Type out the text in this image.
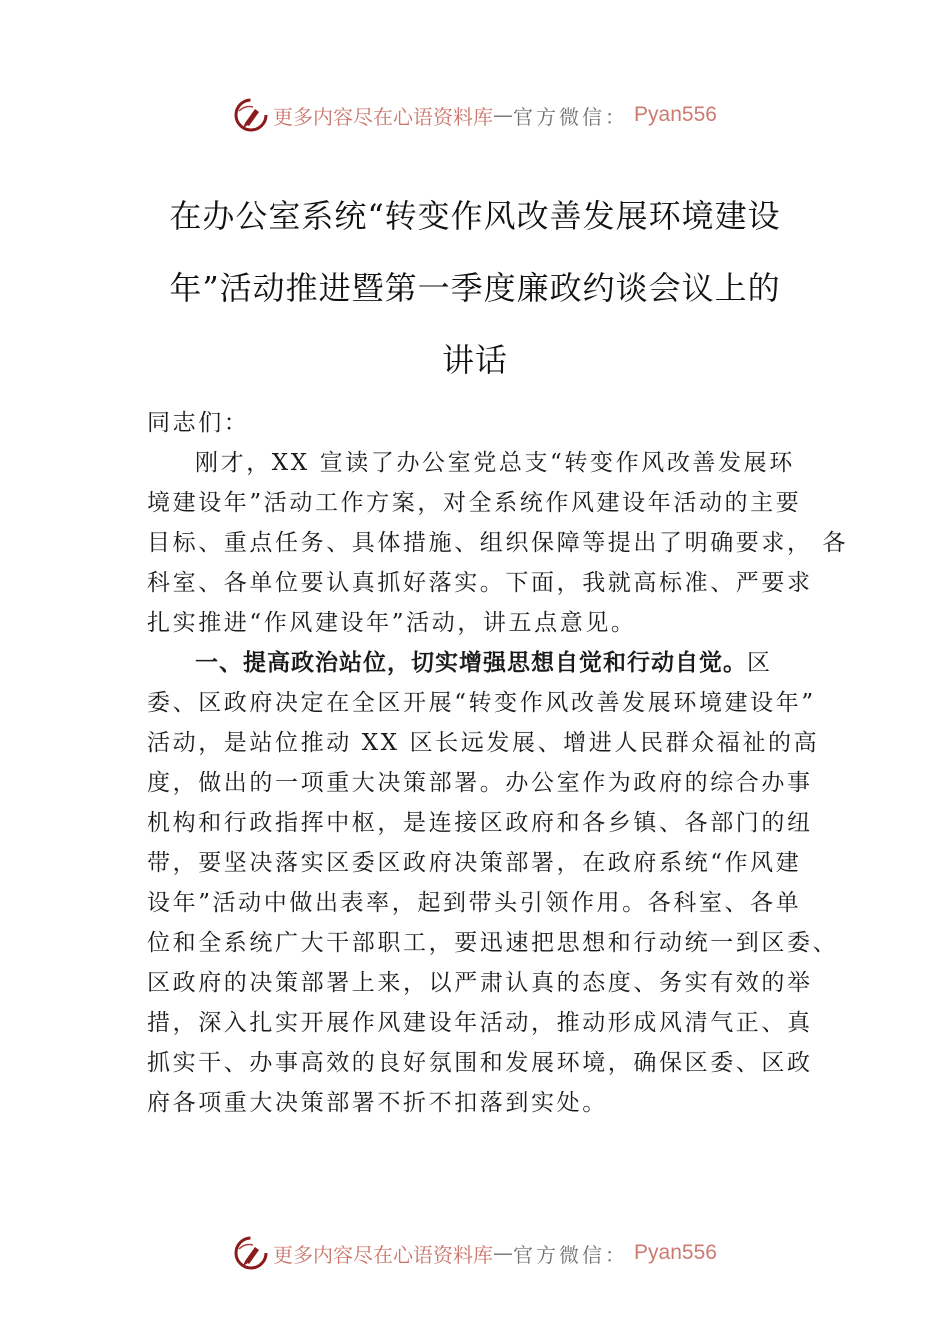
更多内容尽在心语资料库 — 官方微信： Pyan556
在办公室系统“转变作风改善发展环境建设
年”活动推进暨第一季度廉政约谈会议上的
讲话
同志们：
刚才，XX 宣读了办公室党总支“转变作风改善发展环
境建设年”活动工作方案，对全系统作风建设年活动的主要
目标、重点任务、具体措施、组织保障等提出了明确要求， 各
科室、各单位要认真抓好落实。下面，我就高标准、严要求
扎实推进“作风建设年”活动，讲五点意见。
一、提高政治站位，切实增强思想自觉和行动自觉。区
委、区政府决定在全区开展“转变作风改善发展环境建设年”
活动，是站位推动 XX 区长远发展、增进人民群众福祉的高
度，做出的一项重大决策部署。办公室作为政府的综合办事
机构和行政指挥中枢，是连接区政府和各乡镇、各部门的纽
带，要坚决落实区委区政府决策部署，在政府系统“作风建
设年”活动中做出表率，起到带头引领作用。各科室、各单
位和全系统广大干部职工，要迅速把思想和行动统一到区委、
区政府的决策部署上来，以严肃认真的态度、务实有效的举
措，深入扎实开展作风建设年活动，推动形成风清气正、真
抓实干、办事高效的良好氛围和发展环境，确保区委、区政
府各项重大决策部署不折不扣落到实处。
更多内容尽在心语资料库 — 官方微信： Pyan556
